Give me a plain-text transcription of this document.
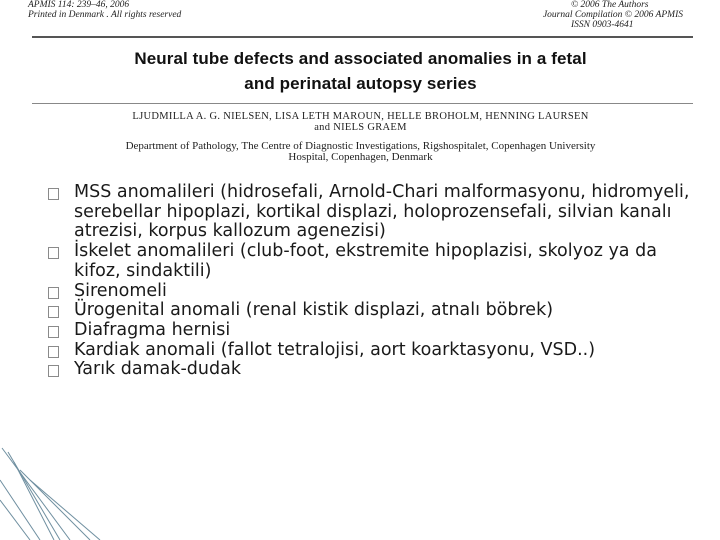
APMIS 114: 239–46, 2006
Printed in Denmark . All rights reserved
© 2006 The Authors
Journal Compilation © 2006 APMIS
ISSN 0903-4641
Neural tube defects and associated anomalies in a fetal
and perinatal autopsy series
LJUDMILLA A. G. NIELSEN, LISA LETH MAROUN, HELLE BROHOLM, HENNING LAURSEN
and NIELS GRAEM
Department of Pathology, The Centre of Diagnostic Investigations, Rigshospitalet, Copenhagen University
Hospital, Copenhagen, Denmark
MSS anomalileri (hidrosefali, Arnold-Chari malformasyonu, hidromyeli, serebellar hipoplazi, kortikal displazi, holoprozensefali, silvian kanalı atrezisi, korpus kallozum agenezisi)
İskelet anomalileri (club-foot, ekstremite hipoplazisi, skolyoz ya da kifoz, sindaktili)
Sirenomeli
Ürogenital anomali (renal kistik displazi, atnalı böbrek)
Diafragma hernisi
Kardiak anomali (fallot tetralojisi, aort koarktasyonu, VSD..)
Yarık damak-dudak
